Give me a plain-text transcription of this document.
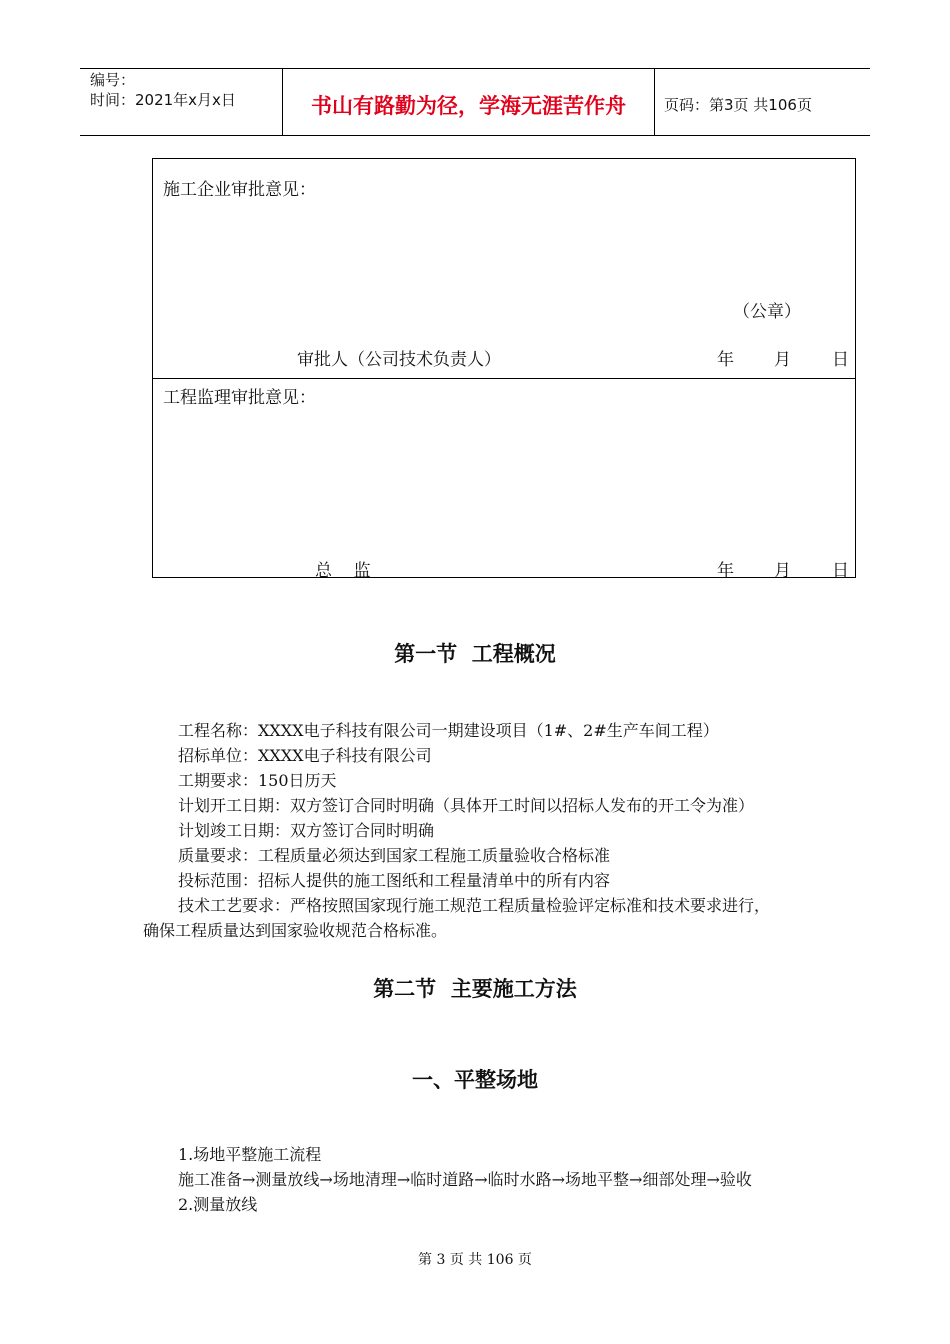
编号：
时间：2021年x月x日	书山有路勤为径，学海无涯苦作舟	页码：第3页 共106页
施工企业审批意见：
（公章）
审批人（公司技术负责人）	年 月 日
工程监理审批意见：
总    监	年 月 日
第一节  工程概况
工程名称：XXXX电子科技有限公司一期建设项目（1#、2#生产车间工程）
招标单位：XXXX电子科技有限公司
工期要求：150日历天
计划开工日期：双方签订合同时明确（具体开工时间以招标人发布的开工令为准）
计划竣工日期：双方签订合同时明确
质量要求：工程质量必须达到国家工程施工质量验收合格标准
投标范围：招标人提供的施工图纸和工程量清单中的所有内容
技术工艺要求：严格按照国家现行施工规范工程质量检验评定标准和技术要求进行，
确保工程质量达到国家验收规范合格标准。
第二节  主要施工方法
一、平整场地
1.场地平整施工流程
施工准备→测量放线→场地清理→临时道路→临时水路→场地平整→细部处理→验收
2.测量放线
第 3 页 共 106 页
